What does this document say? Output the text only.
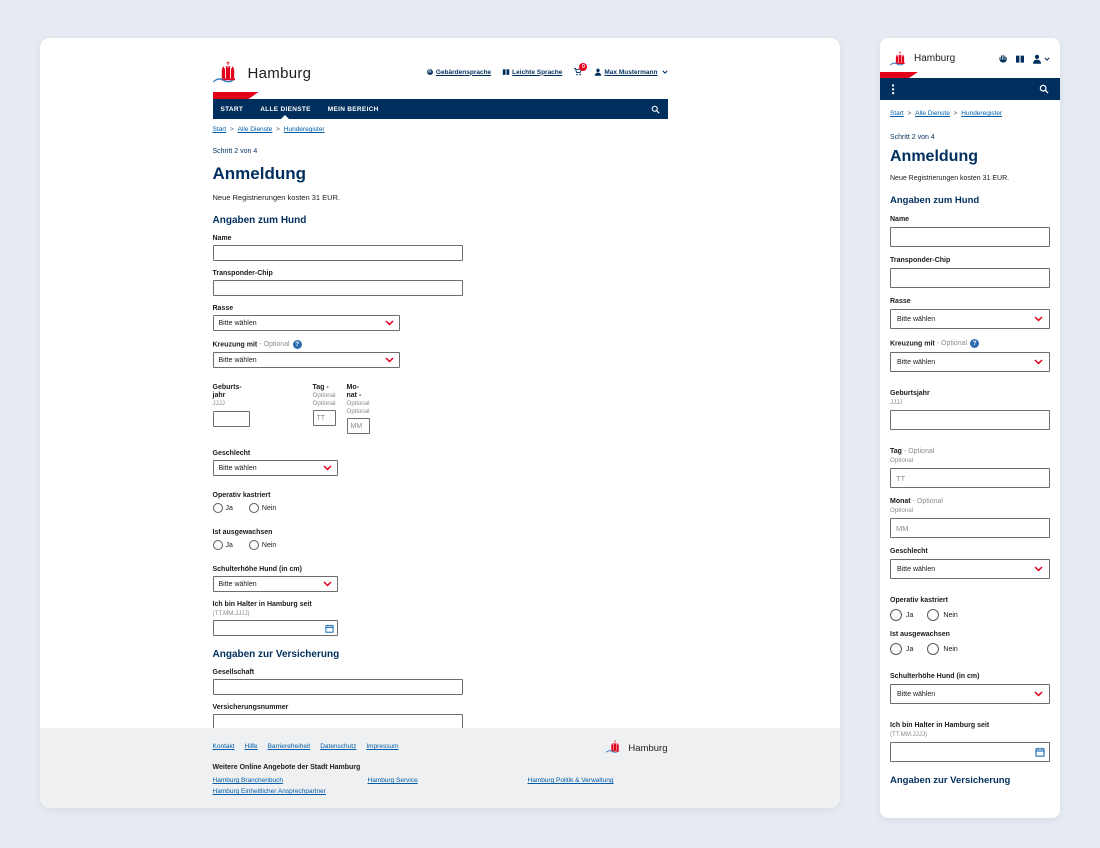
Hamburg	Gebärdensprache	Leichte Sprache
0
Max Mustermann
START	ALLE DIENSTE	MEIN BEREICH
Start > Alle Dienste > Hunderegister
Schritt 2 von 4
Anmeldung
Neue Registrierungen kosten 31 EUR.
Angaben zum Hund
Name
Transponder-Chip
Rasse
Bitte wählen
Kreuzung mit - Optional ?
Bitte wählen
Geburts-
jahr
JJJJ
Tag -
Optional
Optional
TT
Mo-
nat -
Optional
Optional
MM
Geschlecht
Bitte wählen
Operativ kastriert
Ja	Nein
Ist ausgewachsen
Ja	Nein
Schulterhöhe Hund (in cm)
Bitte wählen
Ich bin Halter in Hamburg seit
(TT.MM.JJJJ)
Angaben zur Versicherung
Gesellschaft
Versicherungsnummer
Kontakt Hilfe Barrierefreiheit Datenschutz Impressum	Hamburg
Weitere Online Angebote der Stadt Hamburg
Hamburg Branchenbuch	Hamburg Service	Hamburg Politik & Verwaltung
Hamburg Einheitlicher Ansprechpartner
Hamburg
Start > Alle Dienste > Hunderegister
Schritt 2 von 4
Anmeldung
Neue Registrierungen kosten 31 EUR.
Angaben zum Hund
Name
Transponder-Chip
Rasse
Bitte wählen
Kreuzung mit - Optional ?
Bitte wählen
Geburtsjahr
JJJJ
Tag - Optional
Optional
TT
Monat - Optional
Optional
MM
Geschlecht
Bitte wählen
Operativ kastriert
Ja	Nein
Ist ausgewachsen
Ja	Nein
Schulterhöhe Hund (in cm)
Bitte wählen
Ich bin Halter in Hamburg seit
(TT.MM.JJJJ)
Angaben zur Versicherung
